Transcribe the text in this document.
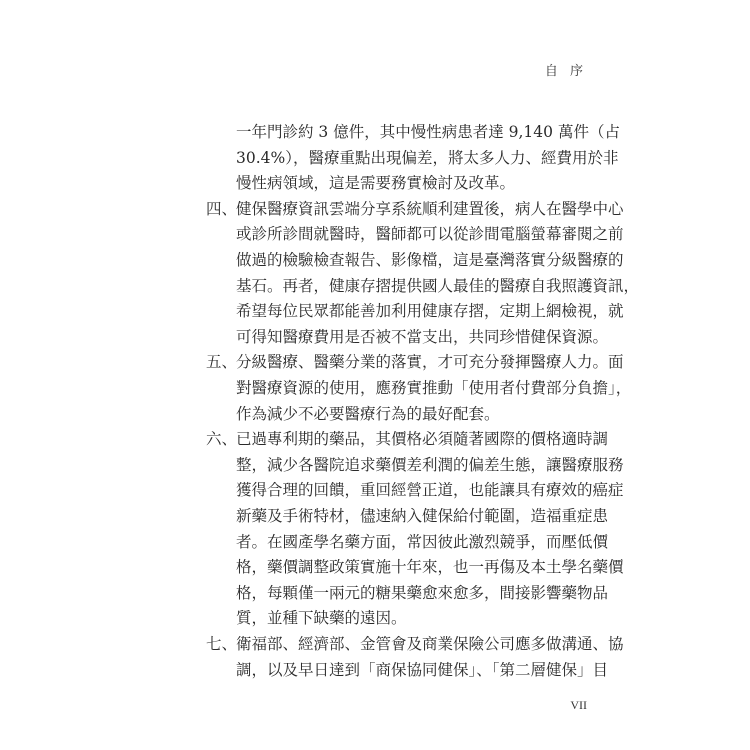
自 序
一年門診約 3 億件，其中慢性病患者達 9,140 萬件（占
30.4%），醫療重點出現偏差，將太多人力、經費用於非
慢性病領域，這是需要務實檢討及改革。
四、
健保醫療資訊雲端分享系統順利建置後，病人在醫學中心
或診所診間就醫時，醫師都可以從診間電腦螢幕審閱之前
做過的檢驗檢查報告、影像檔，這是臺灣落實分級醫療的
基石。再者，健康存摺提供國人最佳的醫療自我照護資訊，
希望每位民眾都能善加利用健康存摺，定期上網檢視，就
可得知醫療費用是否被不當支出，共同珍惜健保資源。
五、
分級醫療、醫藥分業的落實，才可充分發揮醫療人力。面
對醫療資源的使用，應務實推動「使用者付費部分負擔」，
作為減少不必要醫療行為的最好配套。
六、
已過專利期的藥品，其價格必須隨著國際的價格適時調
整，減少各醫院追求藥價差利潤的偏差生態，讓醫療服務
獲得合理的回饋，重回經營正道，也能讓具有療效的癌症
新藥及手術特材，儘速納入健保給付範圍，造福重症患
者。在國產學名藥方面，常因彼此激烈競爭，而壓低價
格，藥價調整政策實施十年來，也一再傷及本土學名藥價
格，每顆僅一兩元的糖果藥愈來愈多，間接影響藥物品
質，並種下缺藥的遠因。
七、
衛福部、經濟部、金管會及商業保險公司應多做溝通、協
調，以及早日達到「商保協同健保」、「第二層健保」目
VII
